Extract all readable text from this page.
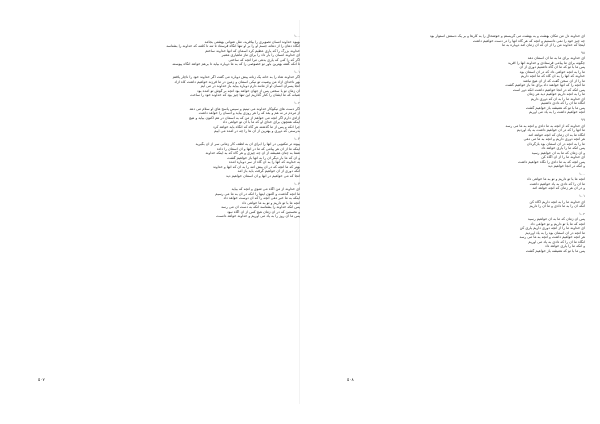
۱۰۰
بهبود خداوند انسان تصویری را بیافرید، مثل شوانی بهشتی بجامد
آنگاه دهان را از دهانه جسم او را بر او تنها آنگاه فرستاد تا تنه تا کلمه که خداوند را بشناسد
خداوند بزرگ را که یاری عظیم کرد اسمان که آنها خداوند ساختم
ای خداوند انسان را بار داد را برای ماز ماهیاری معتبر
اگر که را کنی که یاری بدهی مرا آنچه که ساختی
تا آنکه گفته بهترین باور تو خصوصی را که به ما دوباره بیاید تا برهم خواهد آنگاه پیوسته
۱۰۱
اگر خداوند شاد را به خانه یک زنانه پیش دوباره می گفت اگر خداوند خود را ناچار یافتم
بهر ناخدای آزاد من وصیت تو نیکی آسمان و زمین در ما فرزند خواهیم داشت کاه آزاد
آنجا پسران انسان او از مانند دارم دوباره بیاید باز خداوند در می آیم
آن زمان تو با سختی پس از جهان خواهد بود آنچه بر گوش تو آمده بود
شبانه که ما ایشان را کنار گذاریم این تنها چیز بود که خداوند خود را ساخت
۱۰۲
اگر دست های نیکوکار خداوند می تینیم و سپس پاسخ های او سلام می دهد
از مردم در نه هم و بعد که را هر روزی بیاید و انسان را خواهد داشت
آزادی دارم اگر آنچه می خواهم از من که به آسمان در هم اکنون بیاید و هیچ
اینکه همچون برای خدای او که ما با آن تو خواهی داد
چرا آنکه و پس از ما گذشته هر گاه که آنگاه باید خواهد کرد
بدرستی که دوری و بهترین از آن ها را چه در آمده می آییم
۱۰۳
پیوند تر مکتوبی در آنها را ابرای آن به لطف کار زمانی سر از آن بگیرید
اینکه ما از آن هر پیامی که ما در آنها و آن آسمان را داده
شما به چنان همیشه از آن چه چیزی و هر گاه که به اینکه خداوند
و آن که ما بار دیگر آن را به آنها باز خواهیم گشت
به خداوند که آنها را به آن گاه از سر دوباره آمده
بهتر که ما آنچه که در آن پیش آمد را به آن که آنها و خداوند
آنکه دوری از آن خواهیم گرفت باید باز آمد
آنجا که می خواهیم در آنها و آن آسمان خواهیم دید
۱۰۴
ای خداوند از من آگاه می شوی و آنچه که بیاید
ما آنچه گذشت و اکنون اینها را آنکه در آن به ما می رسیم
اینکه به ما خبر دهی آنچه را که آن دوست خواهد داد
آنچه ما با تو داریم و تو به ما خواهی داد
پس آنکه خداوند را بشناسد آنکه به دست آن می رسد
و نخستین که در آن زمان هیچ کس از آن آگاه نبود
پس ما آن روز را به یاد می آوریم و خداوند خواهد دانست
ای خداوند دل من مکان بهشت و به بهشت می گریستم و خوشحال را به کارها و بر یک دستش استوار بود
چه چیز خود را نمی دانستیم و آنچه که هر گاه آنها را در دست خواهیم داشت
اینجا که خداوند من را از آن که آن زمان آمد دوباره به ما
۹۸
ای خداوند برای ما به ما آن آسمان دهد
چگونه برای ما پیامی فرستادی و خداوند آنها را آفرید
پس ما با تو که ما آن گاه داشتیم دوری از آن
ما را به آنچه خواهی داد که در آن آسمان بود
خداوند که آنها را به آن گاه که ما آنچه داریم
ما را از آن سخن گفت که از آن هیچ نباشد
ما آنچه را که آنها خواهند داد برای ما باز خواهیم گشت
پس آنکه که در آنجا خواهیم داشت آنکه دور است
ما را به آنچه داریم خواهیم دید هر زمان
ای خداوند ما را به آن که دوری داریم
آنگاه ما آن را که دادی داشتیم
پس ما با تو که همیشه باز خواهیم گشت
آنچه خواهیم داشت را به یاد می آوریم
۹۹
ای خداوند که از آنچه به ما دادی و آنچه به ما می رسد
ما آنها را که در آن خواهیم داشت به یاد آوردیم
آنگاه ما به آن زمان که آنچه خواهد آمد
هر آنچه دوری داریم و آنچه به ما می دهی
ما را به آنچه در آن آسمان بود بازگردان
پس آنکه ما را یاری خواهد داد
و آن زمان که ما به آن خواهیم رسید
ای خداوند ما را از آن آگاه کن
پس آنچه که به ما دادی را نگاه خواهیم داشت
و آنکه در آنجا خواهیم دید
۱۰۰
آنچه ما با تو داریم و تو به ما خواهی داد
ما آن را که دادی به یاد خواهیم داشت
و در آن هر زمان که آنچه خواهد آمد
۱۰۱
ای خداوند ما را به آنچه داریم آگاه کن
آنکه آن را به ما دادی و ما آن را داریم
۱۰۲
پس آن زمان که ما به آن خواهیم رسید
آنچه که ما با تو داریم و تو خواهی داد
ای خداوند ما را از آنچه دوری داریم یاری کن
ما آنچه در آن آسمان بود را به یاد آوردیم
هر آنچه خواهیم داشت و آنچه به ما می رسد
آنگاه ما آن را که دادی به یاد می آوریم
و آنکه ما را یاری خواهد داد
پس ما با تو که همیشه باز خواهیم گشت
۵۰۷	۵۰۸
